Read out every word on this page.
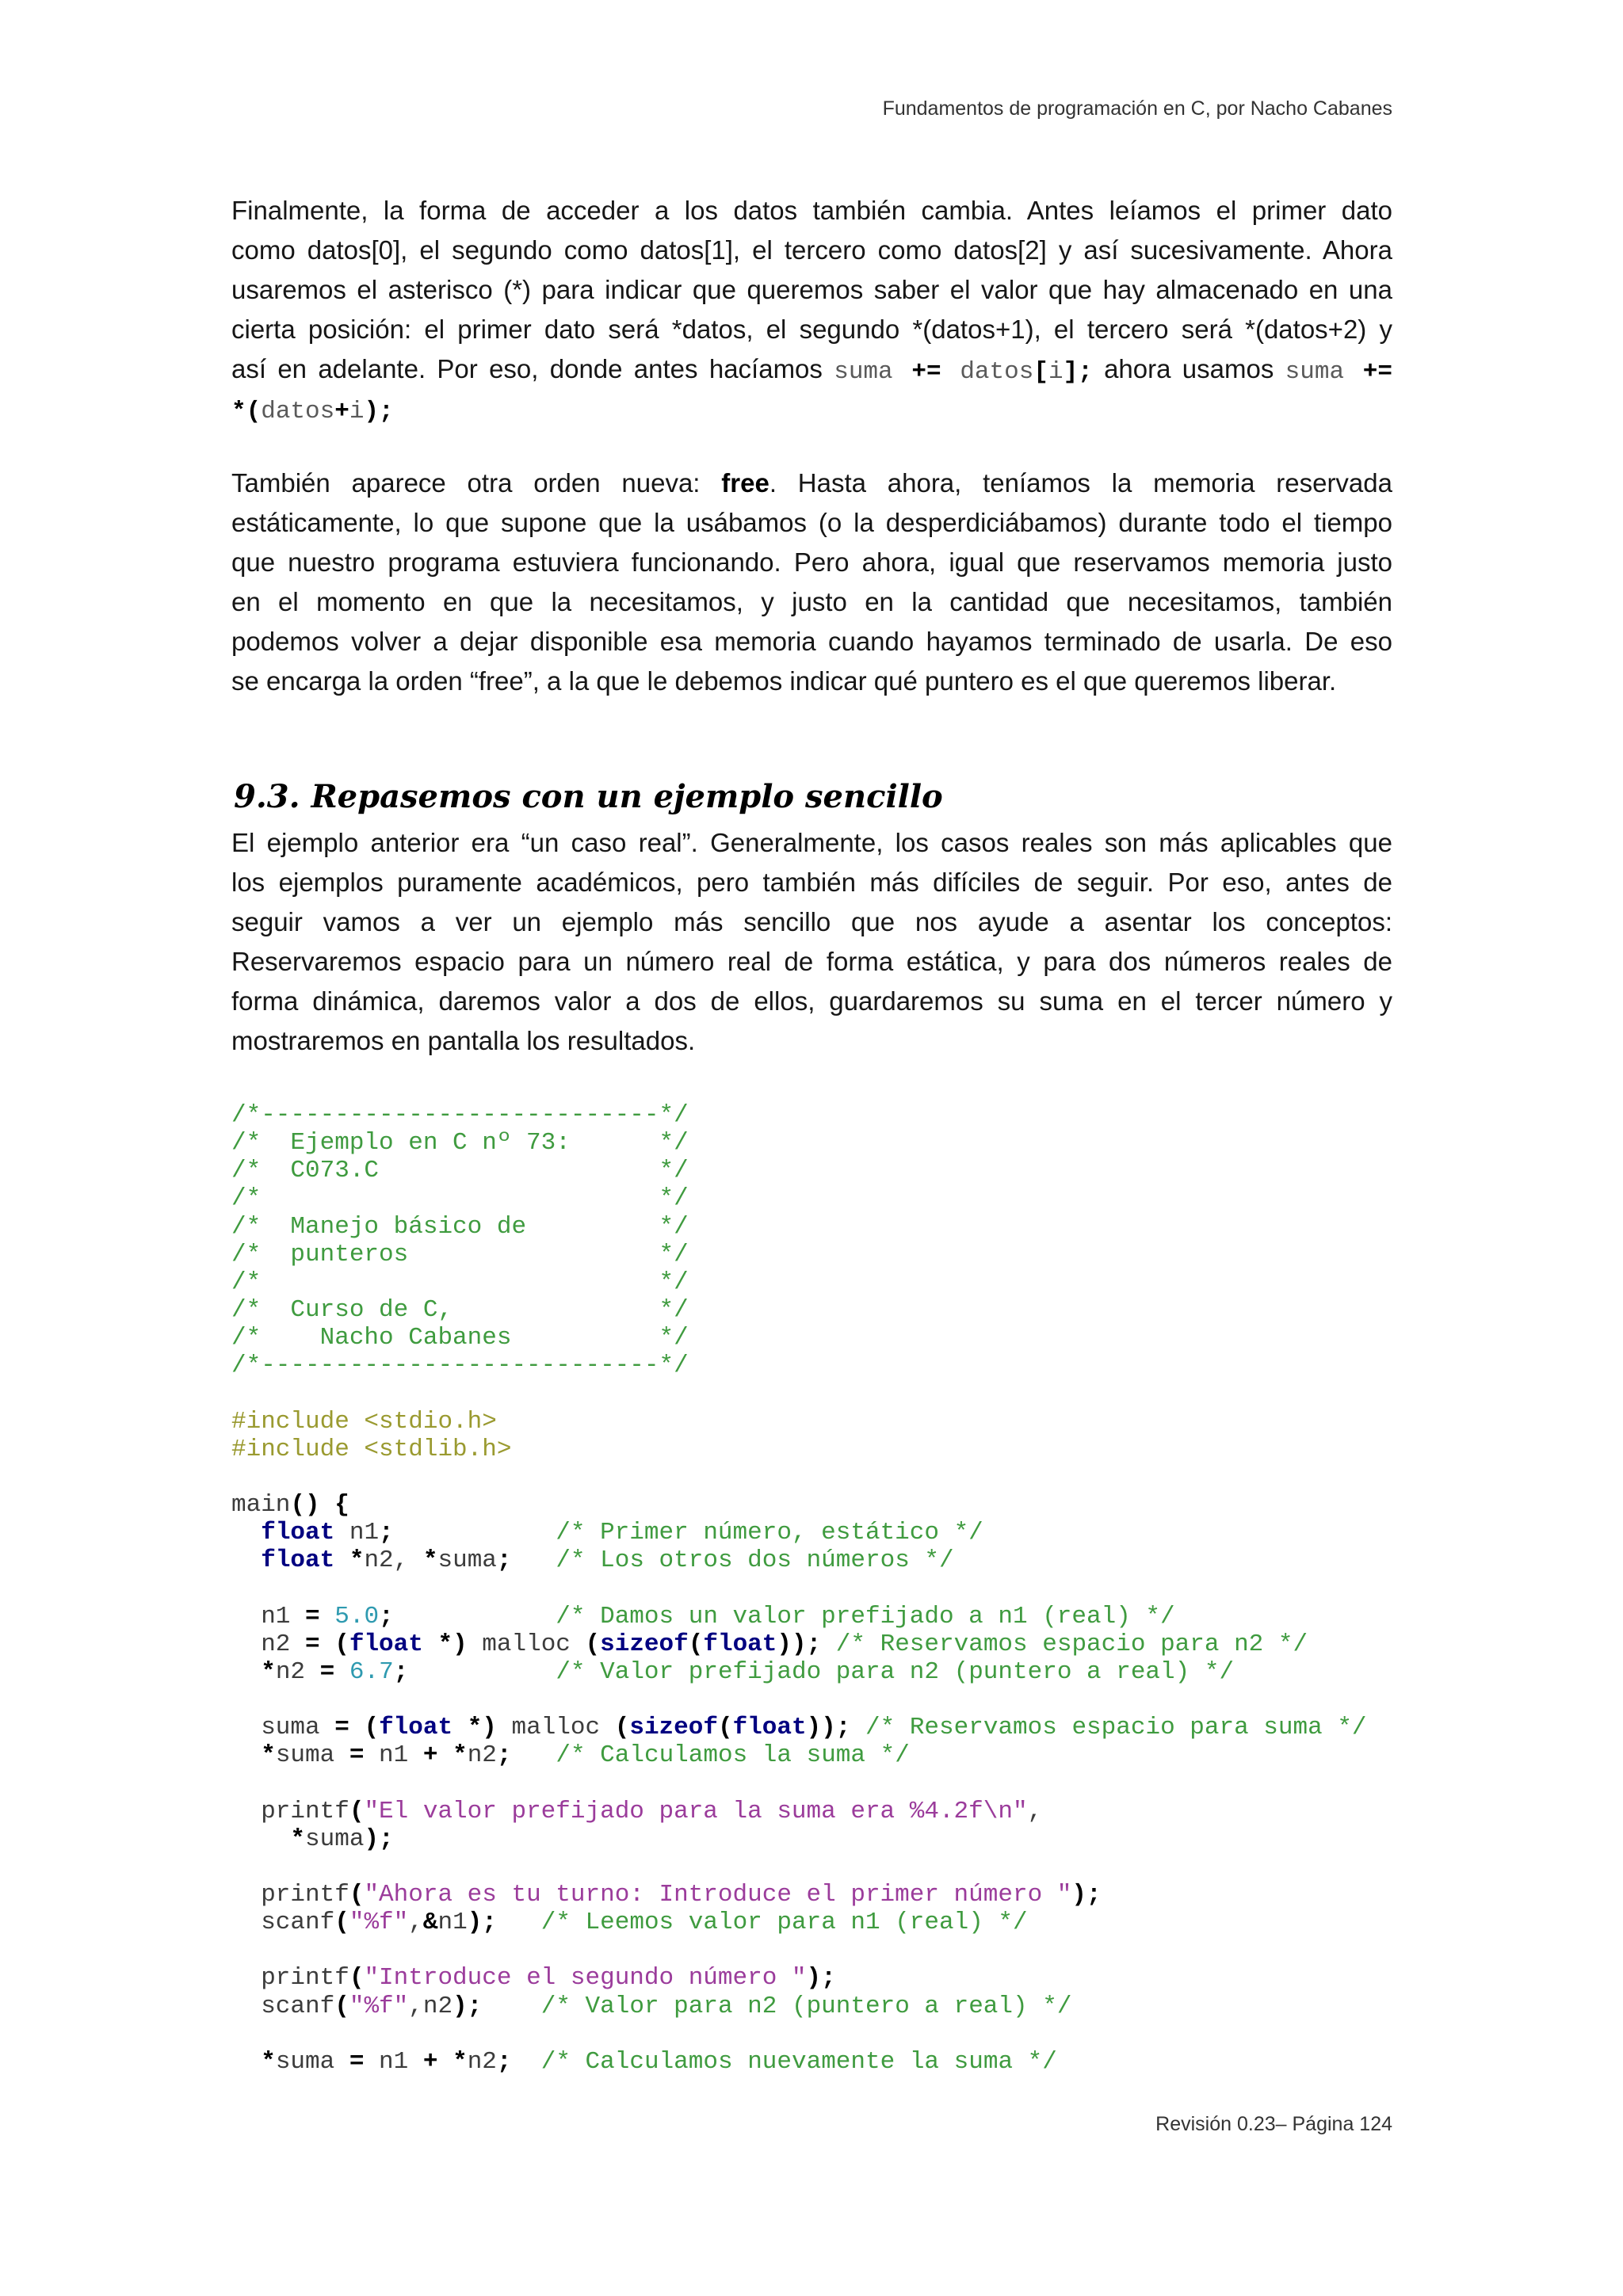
Fundamentos de programación en C, por Nacho Cabanes
Finalmente, la forma de acceder a los datos también cambia. Antes leíamos el primer dato
como datos[0], el segundo como datos[1], el tercero como datos[2] y así sucesivamente. Ahora
usaremos el asterisco (*) para indicar que queremos saber el valor que hay almacenado en una
cierta posición: el primer dato será *datos, el segundo *(datos+1), el tercero será *(datos+2) y
así en adelante. Por eso, donde antes hacíamos suma += datos[i]; ahora usamos suma +=
*(datos+i);
También aparece otra orden nueva: free. Hasta ahora, teníamos la memoria reservada
estáticamente, lo que supone que la usábamos (o la desperdiciábamos) durante todo el tiempo
que nuestro programa estuviera funcionando. Pero ahora, igual que reservamos memoria justo
en el momento en que la necesitamos, y justo en la cantidad que necesitamos, también
podemos volver a dejar disponible esa memoria cuando hayamos terminado de usarla. De eso
se encarga la orden “free”, a la que le debemos indicar qué puntero es el que queremos liberar.
9.3. Repasemos con un ejemplo sencillo
El ejemplo anterior era “un caso real”. Generalmente, los casos reales son más aplicables que
los ejemplos puramente académicos, pero también más difíciles de seguir. Por eso, antes de
seguir vamos a ver un ejemplo más sencillo que nos ayude a asentar los conceptos:
Reservaremos espacio para un número real de forma estática, y para dos números reales de
forma dinámica, daremos valor a dos de ellos, guardaremos su suma en el tercer número y
mostraremos en pantalla los resultados.
/*---------------------------*/
/*  Ejemplo en C nº 73:      */
/*  C073.C                   */
/*                           */
/*  Manejo básico de         */
/*  punteros                 */
/*                           */
/*  Curso de C,              */
/*    Nacho Cabanes          */
/*---------------------------*/
#include <stdio.h>
#include <stdlib.h>
main() {
float n1;	/* Primer número, estático */
float *n2, *suma; /* Los otros dos números */
n1 = 5.0;	/* Damos un valor prefijado a n1 (real) */
n2 = (float *) malloc (sizeof(float)); /* Reservamos espacio para n2 */
*n2 = 6.7;	/* Valor prefijado para n2 (puntero a real) */
suma = (float *) malloc (sizeof(float)); /* Reservamos espacio para suma */
*suma = n1 + *n2; /* Calculamos la suma */
printf("El valor prefijado para la suma era %4.2f\n",
*suma);
printf("Ahora es tu turno: Introduce el primer número ");
scanf("%f",&n1); /* Leemos valor para n1 (real) */
printf("Introduce el segundo número ");
scanf("%f",n2); /* Valor para n2 (puntero a real) */
*suma = n1 + *n2; /* Calculamos nuevamente la suma */
Revisión 0.23– Página 124
